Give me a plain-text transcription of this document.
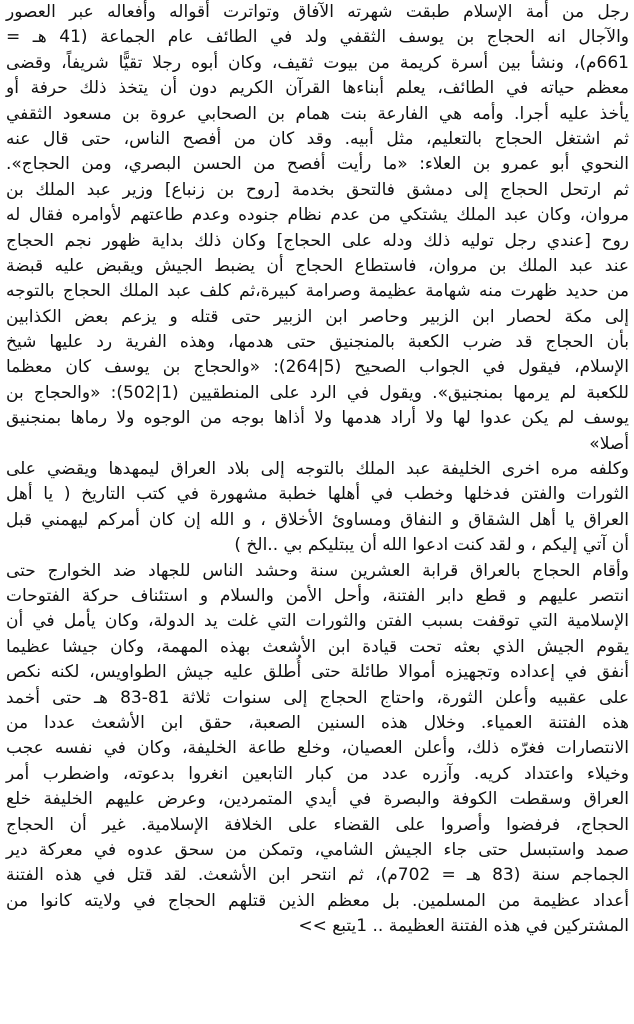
رجل من أمة الإسلام طبقت شهرته الآفاق وتواترت أقواله وأفعاله عبر العصور
والآجال انه الحجاج بن يوسف الثقفي ولد في الطائف عام الجماعة (41 هـ =
661م)، ونشأ بين أسرة كريمة من بيوت ثقيف، وكان أبوه رجلا تقيًّا شريفاً، وقضى
معظم حياته في الطائف، يعلم أبناءها القرآن الكريم دون أن يتخذ ذلك حرفة أو
يأخذ عليه أجرا. وأمه هي الفارعة بنت همام بن الصحابي عروة بن مسعود الثقفي
ثم اشتغل الحجاج بالتعليم، مثل أبيه. وقد كان من أفصح الناس، حتى قال عنه
النحوي أبو عمرو بن العلاء: «ما رأيت أفصح من الحسن البصري، ومن الحجاج».
ثم ارتحل الحجاج إلى دمشق فالتحق بخدمة [روح بن زنباع] وزير عبد الملك بن
مروان، وكان عبد الملك يشتكي من عدم نظام جنوده وعدم طاعتهم لأوامره فقال له
روح [عندي رجل توليه ذلك ودله على الحجاج] وكان ذلك بداية ظهور نجم الحجاج
عند عبد الملك بن مروان، فاستطاع الحجاج أن يضبط الجيش ويقبض عليه قبضة
من حديد ظهرت منه شهامة عظيمة وصرامة كبيرة،ثم كلف عبد الملك الحجاج بالتوجه
إلى مكة لحصار ابن الزبير وحاصر ابن الزبير حتى قتله و يزعم بعض الكذابين
بأن الحجاج قد ضرب الكعبة بالمنجنيق حتى هدمها، وهذه الفرية رد عليها شيخ
الإسلام، فيقول في الجواب الصحيح (5|264): «والحجاج بن يوسف كان معظما
للكعبة لم يرمها بمنجنيق». ويقول في الرد على المنطقيين (1|502): «والحجاج بن
يوسف لم يكن عدوا لها ولا أراد هدمها ولا أذاها بوجه من الوجوه ولا رماها بمنجنيق
أصلا»
وكلفه مره اخرى الخليفة عبد الملك بالتوجه إلى بلاد العراق ليمهدها ويقضي على
الثورات والفتن فدخلها وخطب في أهلها خطبة مشهورة في كتب التاريخ ( يا أهل
العراق يا أهل الشقاق و النفاق ومساوئ الأخلاق ، و الله إن كان أمركم ليهمني قبل
أن آتي إليكم ، و لقد كنت ادعوا الله أن يبتليكم بي ..الخ )
وأقام الحجاج بالعراق قرابة العشرين سنة وحشد الناس للجهاد ضد الخوارج حتى
انتصر عليهم و قطع دابر الفتنة، وأحل الأمن والسلام و استئناف حركة الفتوحات
الإسلامية التي توقفت بسبب الفتن والثورات التي غلت يد الدولة، وكان يأمل في أن
يقوم الجيش الذي بعثه تحت قيادة ابن الأشعث بهذه المهمة، وكان جيشا عظيما
أنفق في إعداده وتجهيزه أموالا طائلة حتى أُطلق عليه جيش الطواويس، لكنه نكص
على عقبيه وأعلن الثورة، واحتاج الحجاج إلى سنوات ثلاثة 81-83 هـ حتى أخمد
هذه الفتنة العمياء. وخلال هذه السنين الصعبة، حقق ابن الأشعث عددا من
الانتصارات فغرّه ذلك، وأعلن العصيان، وخلع طاعة الخليفة، وكان في نفسه عجب
وخيلاء واعتداد كريه. وآزره عدد من كبار التابعين انغروا بدعوته، واضطرب أمر
العراق وسقطت الكوفة والبصرة في أيدي المتمردين، وعرض عليهم الخليفة خلع
الحجاج، فرفضوا وأصروا على القضاء على الخلافة الإسلامية. غير أن الحجاج
صمد واستبسل حتى جاء الجيش الشامي، وتمكن من سحق عدوه في معركة دير
الجماجم سنة (83 هـ = 702م)، ثم انتحر ابن الأشعث. لقد قتل في هذه الفتنة
أعداد عظيمة من المسلمين. بل معظم الذين قتلهم الحجاج في ولايته كانوا من
المشتركين في هذه الفتنة العظيمة .. 1يتبع >>
